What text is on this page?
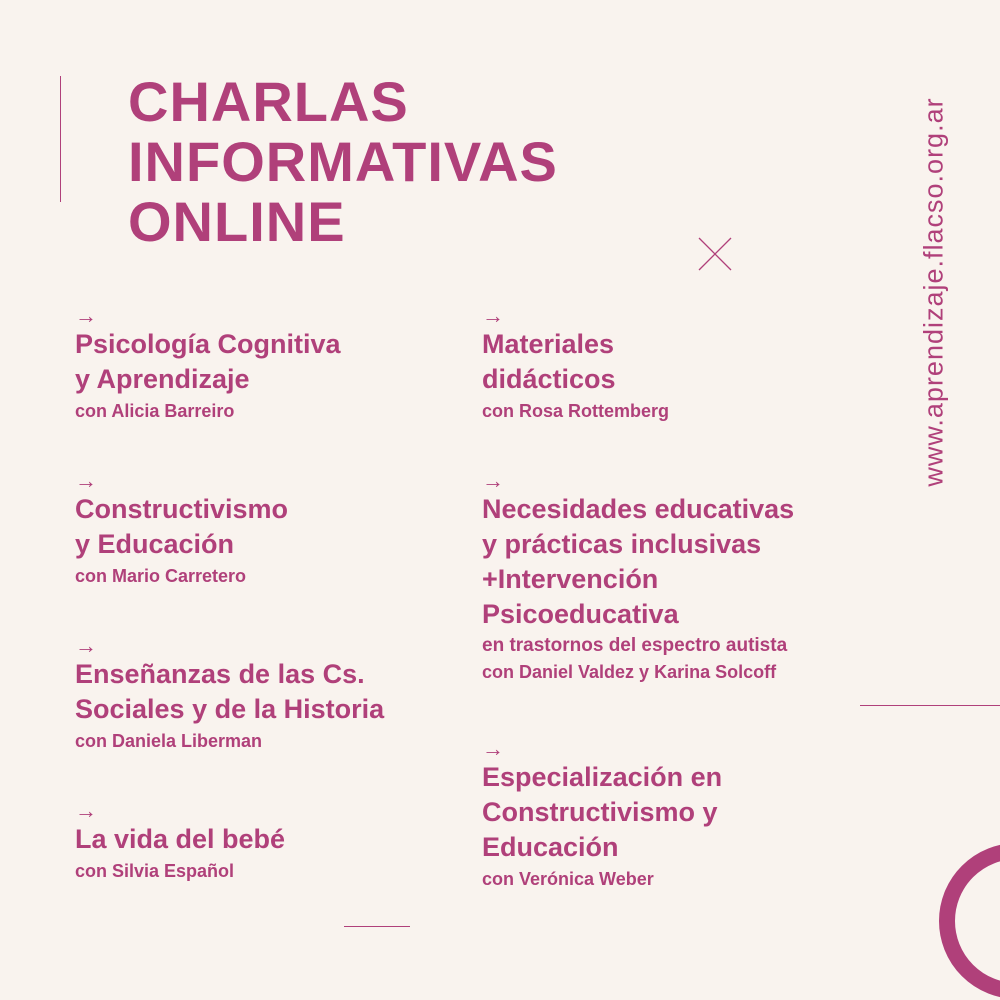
CHARLAS
INFORMATIVAS
ONLINE	www.aprendizaje.flacso.org.ar
→
Psicología Cognitiva
y Aprendizaje
con Alicia Barreiro
→
Constructivismo
y Educación
con Mario Carretero
→
Enseñanzas de las Cs.
Sociales y de la Historia
con Daniela Liberman
→
La vida del bebé
con Silvia Español
→
Materiales
didácticos
con Rosa Rottemberg
→
Necesidades educativas
y prácticas inclusivas
+Intervención
Psicoeducativa
en trastornos del espectro autista
con Daniel Valdez y Karina Solcoff
→
Especialización en
Constructivismo y
Educación
con Verónica Weber
